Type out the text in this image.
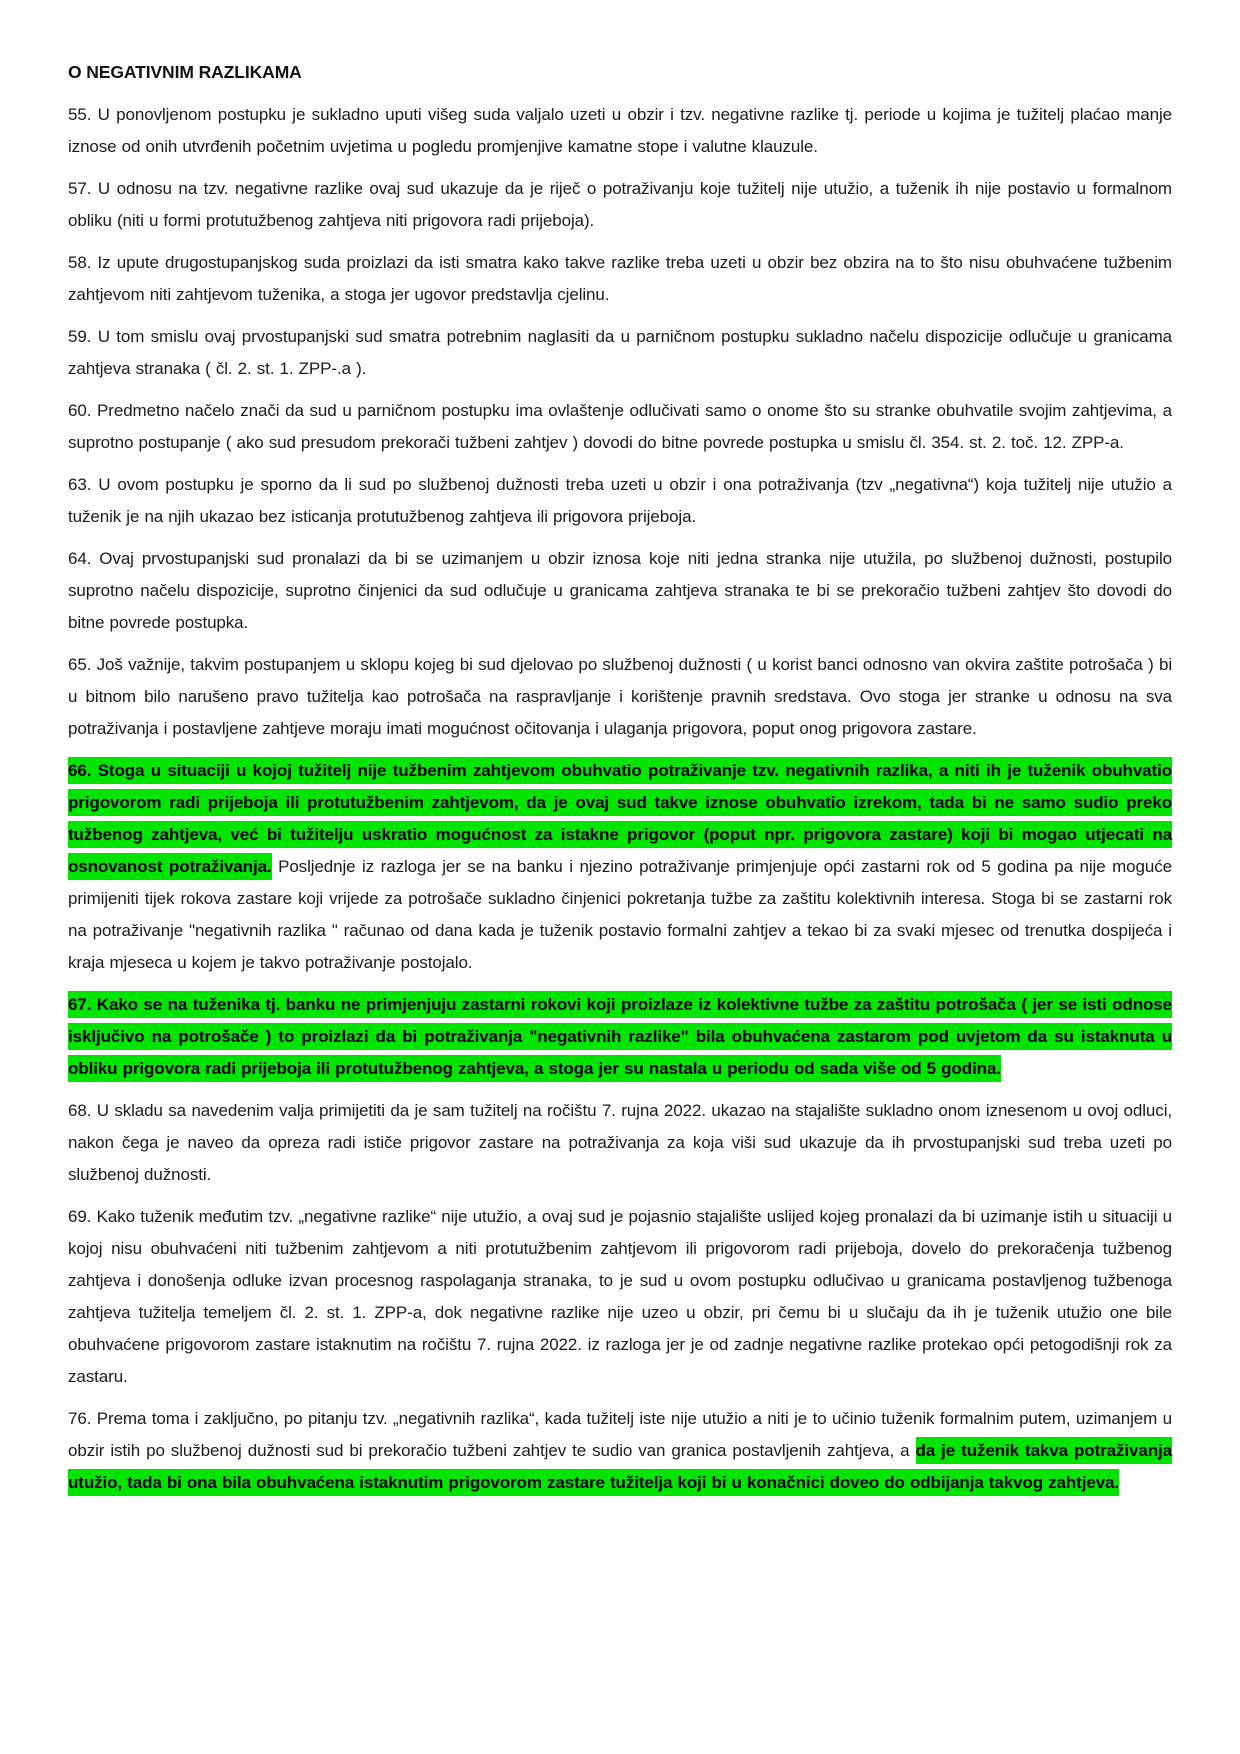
O NEGATIVNIM RAZLIKAMA

55. U ponovljenom postupku je sukladno uputi višeg suda valjalo uzeti u obzir i tzv. negativne razlike tj. periode u kojima je tužitelj plaćao manje iznose od onih utvrđenih početnim uvjetima u pogledu promjenjive kamatne stope i valutne klauzule.

57. U odnosu na tzv. negativne razlike ovaj sud ukazuje da je riječ o potraživanju koje tužitelj nije utužio, a tuženik ih nije postavio u formalnom obliku (niti u formi protutužbenog zahtjeva niti prigovora radi prijeboja).

58. Iz upute drugostupanjskog suda proizlazi da isti smatra kako takve razlike treba uzeti u obzir bez obzira na to što nisu obuhvaćene tužbenim zahtjevom niti zahtjevom tuženika, a stoga jer ugovor predstavlja cjelinu.

59. U tom smislu ovaj prvostupanjski sud smatra potrebnim naglasiti da u parničnom postupku sukladno načelu dispozicije odlučuje u granicama zahtjeva stranaka ( čl. 2. st. 1. ZPP-.a ).

60. Predmetno načelo znači da sud u parničnom postupku ima ovlaštenje odlučivati samo o onome što su stranke obuhvatile svojim zahtjevima, a suprotno postupanje ( ako sud presudom prekorači tužbeni zahtjev ) dovodi do bitne povrede postupka u smislu čl. 354. st. 2. toč. 12. ZPP-a.

63. U ovom postupku je sporno da li sud po službenoj dužnosti treba uzeti u obzir i ona potraživanja (tzv „negativna“) koja tužitelj nije utužio a tuženik je na njih ukazao bez isticanja protutužbenog zahtjeva ili prigovora prijeboja.

64. Ovaj prvostupanjski sud pronalazi da bi se uzimanjem u obzir iznosa koje niti jedna stranka nije utužila, po službenoj dužnosti, postupilo suprotno načelu dispozicije, suprotno činjenici da sud odlučuje u granicama zahtjeva stranaka te bi se prekoračio tužbeni zahtjev što dovodi do bitne povrede postupka.

65. Još važnije, takvim postupanjem u sklopu kojeg bi sud djelovao po službenoj dužnosti ( u korist banci odnosno van okvira zaštite potrošača ) bi u bitnom bilo narušeno pravo tužitelja kao potrošača na raspravljanje i korištenje pravnih sredstava. Ovo stoga jer stranke u odnosu na sva potraživanja i postavljene zahtjeve moraju imati mogućnost očitovanja i ulaganja prigovora, poput onog prigovora zastare.

66. Stoga u situaciji u kojoj tužitelj nije tužbenim zahtjevom obuhvatio potraživanje tzv. negativnih razlika, a niti ih je tuženik obuhvatio prigovorom radi prijeboja ili protutužbenim zahtjevom, da je ovaj sud takve iznose obuhvatio izrekom, tada bi ne samo sudio preko tužbenog zahtjeva, već bi tužitelju uskratio mogućnost za istakne prigovor (poput npr. prigovora zastare) koji bi mogao utjecati na osnovanost potraživanja. Posljednje iz razloga jer se na banku i njezino potraživanje primjenjuje opći zastarni rok od 5 godina pa nije moguće primijeniti tijek rokova zastare koji vrijede za potrošače sukladno činjenici pokretanja tužbe za zaštitu kolektivnih interesa. Stoga bi se zastarni rok na potraživanje "negativnih razlika " računao od dana kada je tuženik postavio formalni zahtjev a tekao bi za svaki mjesec od trenutka dospijeća i kraja mjeseca u kojem je takvo potraživanje postojalo.

67. Kako se na tuženika tj. banku ne primjenjuju zastarni rokovi koji proizlaze iz kolektivne tužbe za zaštitu potrošača ( jer se isti odnose isključivo na potrošače ) to proizlazi da bi potraživanja "negativnih razlike" bila obuhvaćena zastarom pod uvjetom da su istaknuta u obliku prigovora radi prijeboja ili protutužbenog zahtjeva, a stoga jer su nastala u periodu od sada više od 5 godina.

68. U skladu sa navedenim valja primijetiti da je sam tužitelj na ročištu 7. rujna 2022. ukazao na stajalište sukladno onom iznesenom u ovoj odluci, nakon čega je naveo da opreza radi ističe prigovor zastare na potraživanja za koja viši sud ukazuje da ih prvostupanjski sud treba uzeti po službenoj dužnosti.

69. Kako tuženik međutim tzv. „negativne razlike“ nije utužio, a ovaj sud je pojasnio stajalište uslijed kojeg pronalazi da bi uzimanje istih u situaciji u kojoj nisu obuhvaćeni niti tužbenim zahtjevom a niti protutužbenim zahtjevom ili prigovorom radi prijeboja, dovelo do prekoračenja tužbenog zahtjeva i donošenja odluke izvan procesnog raspolaganja stranaka, to je sud u ovom postupku odlučivao u granicama postavljenog tužbenoga zahtjeva tužitelja temeljem čl. 2. st. 1. ZPP-a, dok negativne razlike nije uzeo u obzir, pri čemu bi u slučaju da ih je tuženik utužio one bile obuhvaćene prigovorom zastare istaknutim na ročištu 7. rujna 2022. iz razloga jer je od zadnje negativne razlike protekao opći petogodišnji rok za zastaru.

76. Prema toma i zaključno, po pitanju tzv. „negativnih razlika“, kada tužitelj iste nije utužio a niti je to učinio tuženik formalnim putem, uzimanjem u obzir istih po službenoj dužnosti sud bi prekoračio tužbeni zahtjev te sudio van granica postavljenih zahtjeva, a da je tuženik takva potraživanja utužio, tada bi ona bila obuhvaćena istaknutim prigovorom zastare tužitelja koji bi u konačnici doveo do odbijanja takvog zahtjeva.
